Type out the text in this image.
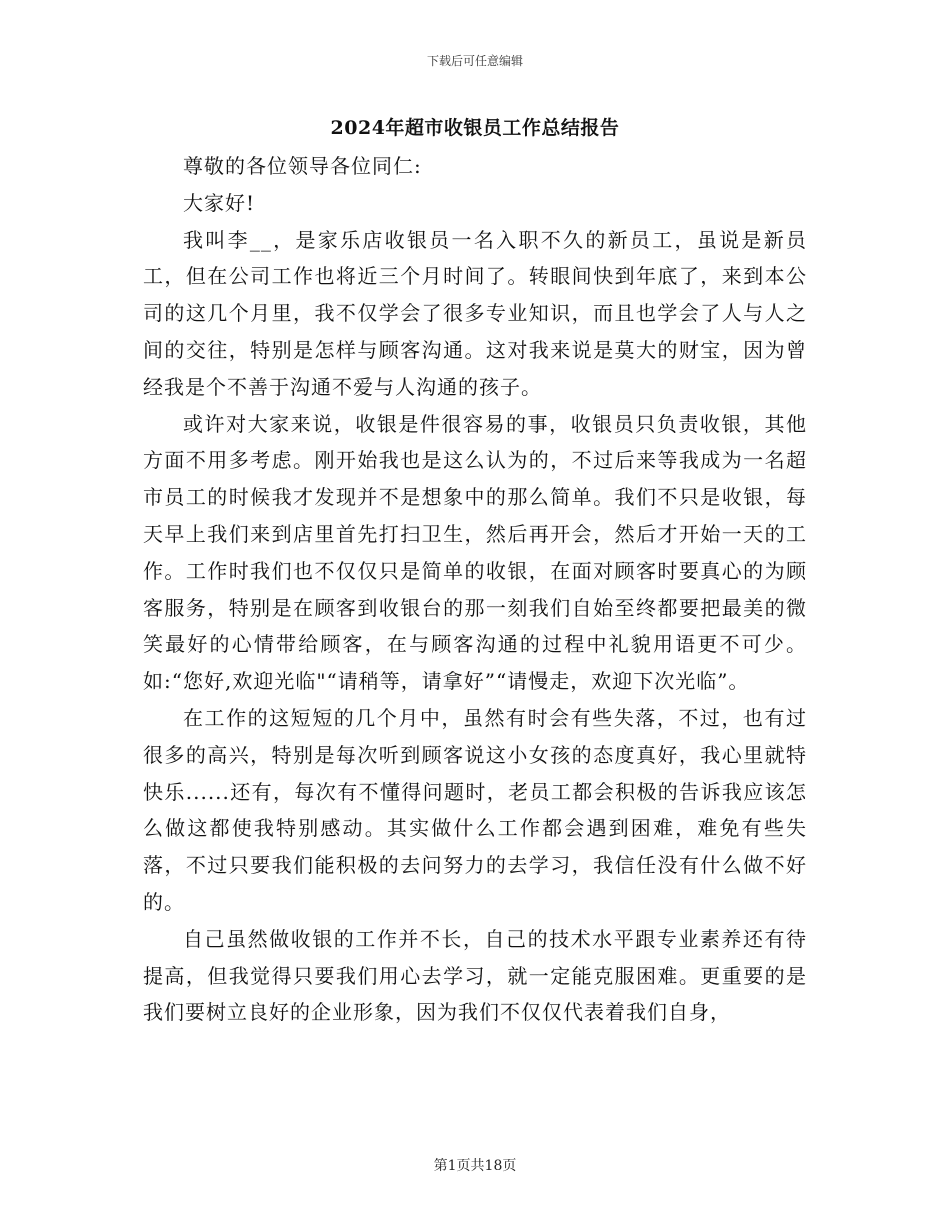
下载后可任意编辑
2024年超市收银员工作总结报告

尊敬的各位领导各位同仁:

大家好!

我叫李__，是家乐店收银员一名入职不久的新员工，虽说是新员工，但在公司工作也将近三个月时间了。转眼间快到年底了，来到本公司的这几个月里，我不仅学会了很多专业知识，而且也学会了人与人之间的交往，特别是怎样与顾客沟通。这对我来说是莫大的财宝，因为曾经我是个不善于沟通不爱与人沟通的孩子。

或许对大家来说，收银是件很容易的事，收银员只负责收银，其他方面不用多考虑。刚开始我也是这么认为的，不过后来等我成为一名超市员工的时候我才发现并不是想象中的那么简单。我们不只是收银，每天早上我们来到店里首先打扫卫生，然后再开会，然后才开始一天的工作。工作时我们也不仅仅只是简单的收银，在面对顾客时要真心的为顾客服务，特别是在顾客到收银台的那一刻我们自始至终都要把最美的微笑最好的心情带给顾客，在与顾客沟通的过程中礼貌用语更不可少。如:“您好,欢迎光临"“请稍等，请拿好”“请慢走，欢迎下次光临”。

在工作的这短短的几个月中，虽然有时会有些失落，不过，也有过很多的高兴，特别是每次听到顾客说这小女孩的态度真好，我心里就特快乐......还有，每次有不懂得问题时，老员工都会积极的告诉我应该怎么做这都使我特别感动。其实做什么工作都会遇到困难，难免有些失落，不过只要我们能积极的去问努力的去学习，我信任没有什么做不好的。

自己虽然做收银的工作并不长，自己的技术水平跟专业素养还有待提高，但我觉得只要我们用心去学习，就一定能克服困难。更重要的是我们要树立良好的企业形象，因为我们不仅仅代表着我们自身，

第1页共18页
